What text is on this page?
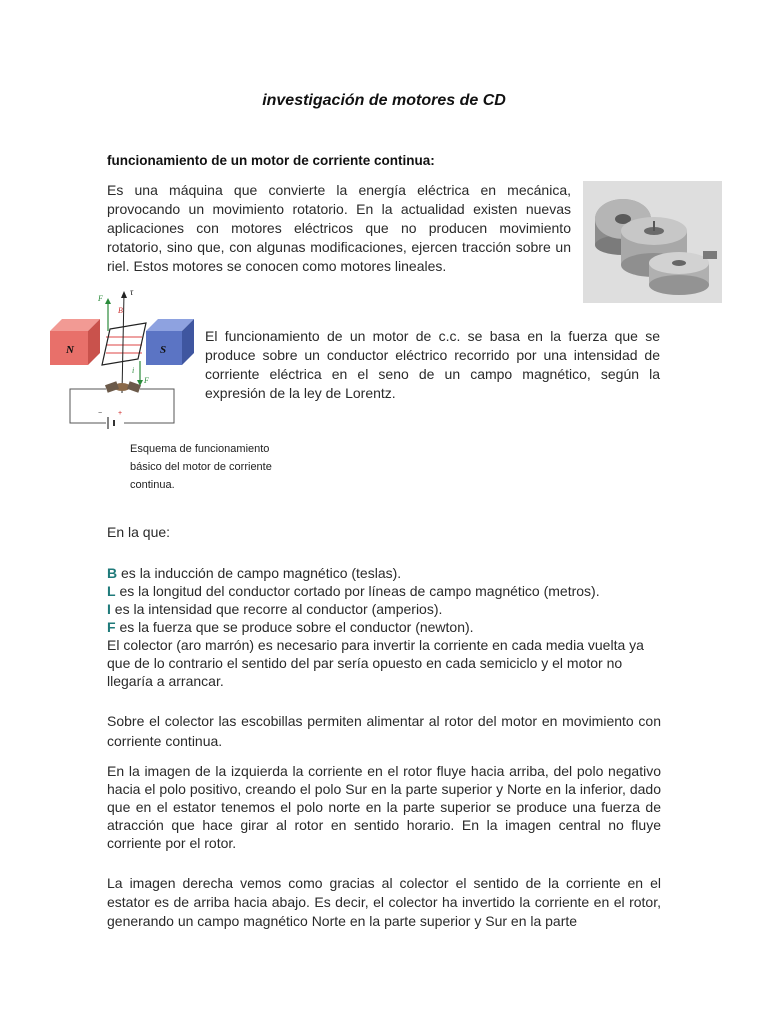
investigación de motores de CD
funcionamiento de un motor de corriente continua:
Es una máquina que convierte la energía eléctrica en mecánica, provocando un movimiento rotatorio. En la actualidad existen nuevas aplicaciones con motores eléctricos que no producen movimiento rotatorio, sino que, con algunas modificaciones, ejercen tracción sobre un riel. Estos motores se conocen como motores lineales.
N	S
F
F
B
τ
i
− +
El funcionamiento de un motor de c.c. se basa en la fuerza que se produce sobre un conductor eléctrico recorrido por una intensidad de corriente eléctrica en el seno de un campo magnético, según la expresión de la ley de Lorentz.
Esquema de funcionamiento básico del motor de corriente continua.
En la que:
B es la inducción de campo magnético (teslas).
L es la longitud del conductor cortado por líneas de campo magnético (metros).
I es la intensidad que recorre al conductor (amperios).
F es la fuerza que se produce sobre el conductor (newton).
El colector (aro marrón) es necesario para invertir la corriente en cada media vuelta ya que de lo contrario el sentido del par sería opuesto en cada semiciclo y el motor no llegaría a arrancar.
Sobre el colector las escobillas permiten alimentar al rotor del motor en movimiento con corriente continua.
En la imagen de la izquierda la corriente en el rotor fluye hacia arriba, del polo negativo hacia el polo positivo, creando el polo Sur en la parte superior y Norte en la inferior, dado que en el estator tenemos el polo norte en la parte superior se produce una fuerza de atracción que hace girar al rotor en sentido horario. En la imagen central no fluye corriente por el rotor.
La imagen derecha vemos como gracias al colector el sentido de la corriente en el estator es de arriba hacia abajo. Es decir, el colector ha invertido la corriente en el rotor, generando un campo magnético Norte en la parte superior y Sur en la parte
